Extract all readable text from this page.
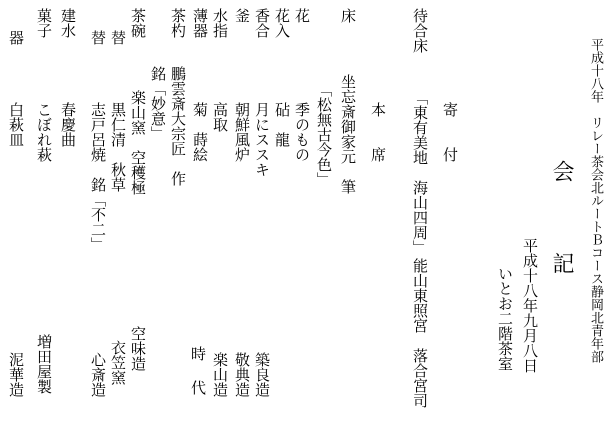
平成十八年　リレー茶会北ルートＢコース静岡北青年部
会
記
平成十八年九月八日
いとお二階茶室
待合床
寄　　付
「東有美地　海山四周」
能山東照宮　落合宮司
本　　席
床
坐忘斎御家元　筆
「松無古今色」
花
季のもの
花入
砧　龍
香合
月にススキ
築良造
釜
朝鮮風炉
敬典造
水指
高取
楽山造
薄器
菊　蒔絵
時　代
茶杓
鵬雲斎大宗匠　作
銘「妙意」
茶碗
楽山窯　空穫極
空味造
替
黒仁清　秋草
衣笠窯
替
志戸呂焼　銘「不二」
心斎造
建水
春慶曲
菓子
こぼれ萩
増田屋製
器
白萩皿
泥華造
